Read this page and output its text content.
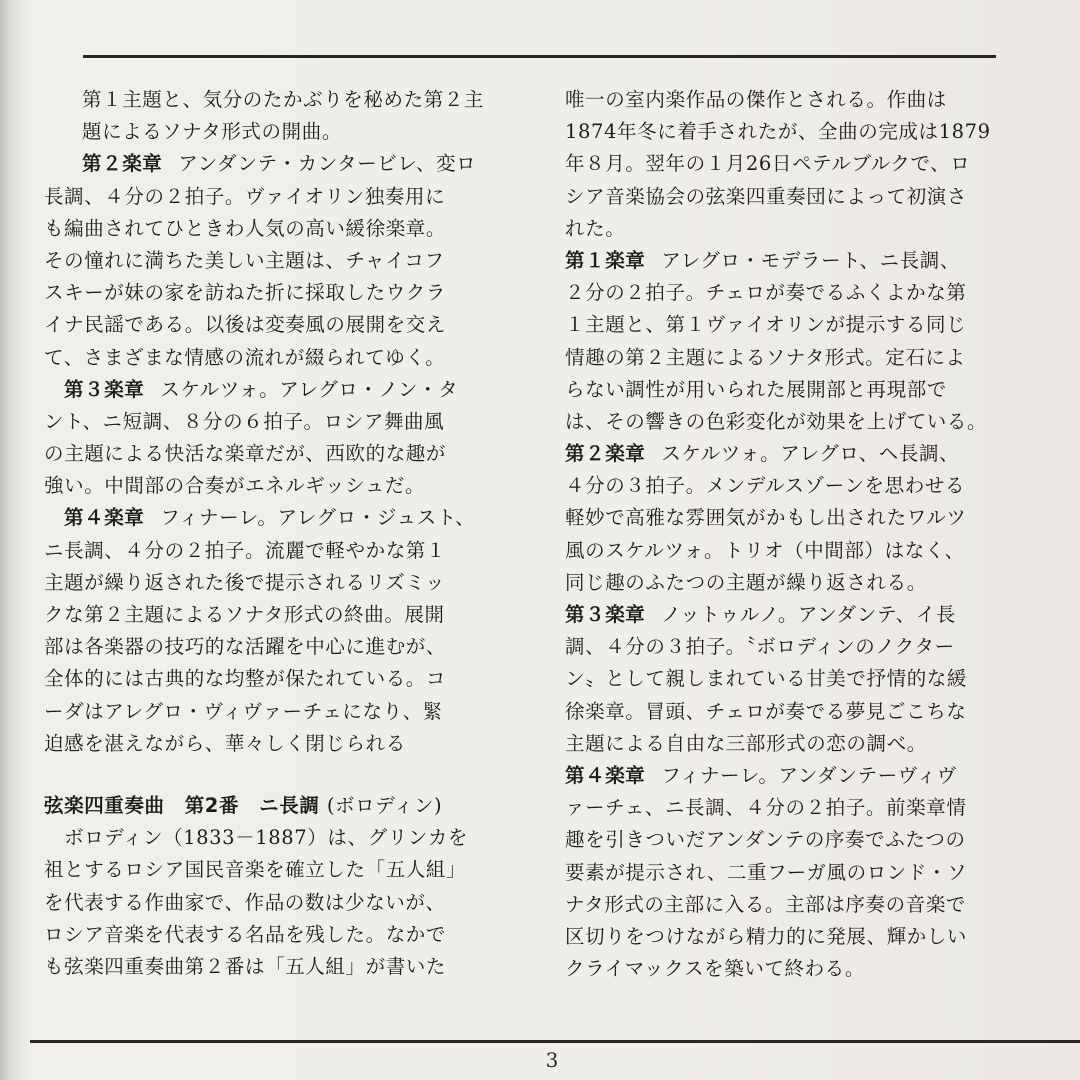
第１主題と、気分のたかぶりを秘めた第２主
題によるソナタ形式の開曲。
第２楽章 アンダンテ・カンタービレ、変ロ
長調、４分の２拍子。ヴァイオリン独奏用に
も編曲されてひときわ人気の高い緩徐楽章。
その憧れに満ちた美しい主題は、チャイコフ
スキーが妹の家を訪ねた折に採取したウクラ
イナ民謡である。以後は変奏風の展開を交え
て、さまざまな情感の流れが綴られてゆく。
第３楽章 スケルツォ。アレグロ・ノン・タ
ント、ニ短調、８分の６拍子。ロシア舞曲風
の主題による快活な楽章だが、西欧的な趣が
強い。中間部の合奏がエネルギッシュだ。
第４楽章 フィナーレ。アレグロ・ジュスト、
ニ長調、４分の２拍子。流麗で軽やかな第１
主題が繰り返された後で提示されるリズミッ
クな第２主題によるソナタ形式の終曲。展開
部は各楽器の技巧的な活躍を中心に進むが、
全体的には古典的な均整が保たれている。コ
ーダはアレグロ・ヴィヴァーチェになり、緊
迫感を湛えながら、華々しく閉じられる
弦楽四重奏曲　第2番　ニ長調 (ボロディン)
　ボロディン（1833－1887）は、グリンカを
祖とするロシア国民音楽を確立した「五人組」
を代表する作曲家で、作品の数は少ないが、
ロシア音楽を代表する名品を残した。なかで
も弦楽四重奏曲第２番は「五人組」が書いた
唯一の室内楽作品の傑作とされる。作曲は
1874年冬に着手されたが、全曲の完成は1879
年８月。翌年の１月26日ペテルブルクで、ロ
シア音楽協会の弦楽四重奏団によって初演さ
れた。
第１楽章 アレグロ・モデラート、ニ長調、
２分の２拍子。チェロが奏でるふくよかな第
１主題と、第１ヴァイオリンが提示する同じ
情趣の第２主題によるソナタ形式。定石によ
らない調性が用いられた展開部と再現部で
は、その響きの色彩変化が効果を上げている。
第２楽章 スケルツォ。アレグロ、ヘ長調、
４分の３拍子。メンデルスゾーンを思わせる
軽妙で高雅な雰囲気がかもし出されたワルツ
風のスケルツォ。トリオ（中間部）はなく、
同じ趣のふたつの主題が繰り返される。
第３楽章 ノットゥルノ。アンダンテ、イ長
調、４分の３拍子。〝ボロディンのノクター
ン〟として親しまれている甘美で抒情的な緩
徐楽章。冒頭、チェロが奏でる夢見ごこちな
主題による自由な三部形式の恋の調べ。
第４楽章 フィナーレ。アンダンテーヴィヴ
ァーチェ、ニ長調、４分の２拍子。前楽章情
趣を引きついだアンダンテの序奏でふたつの
要素が提示され、二重フーガ風のロンド・ソ
ナタ形式の主部に入る。主部は序奏の音楽で
区切りをつけながら精力的に発展、輝かしい
クライマックスを築いて終わる。
3
